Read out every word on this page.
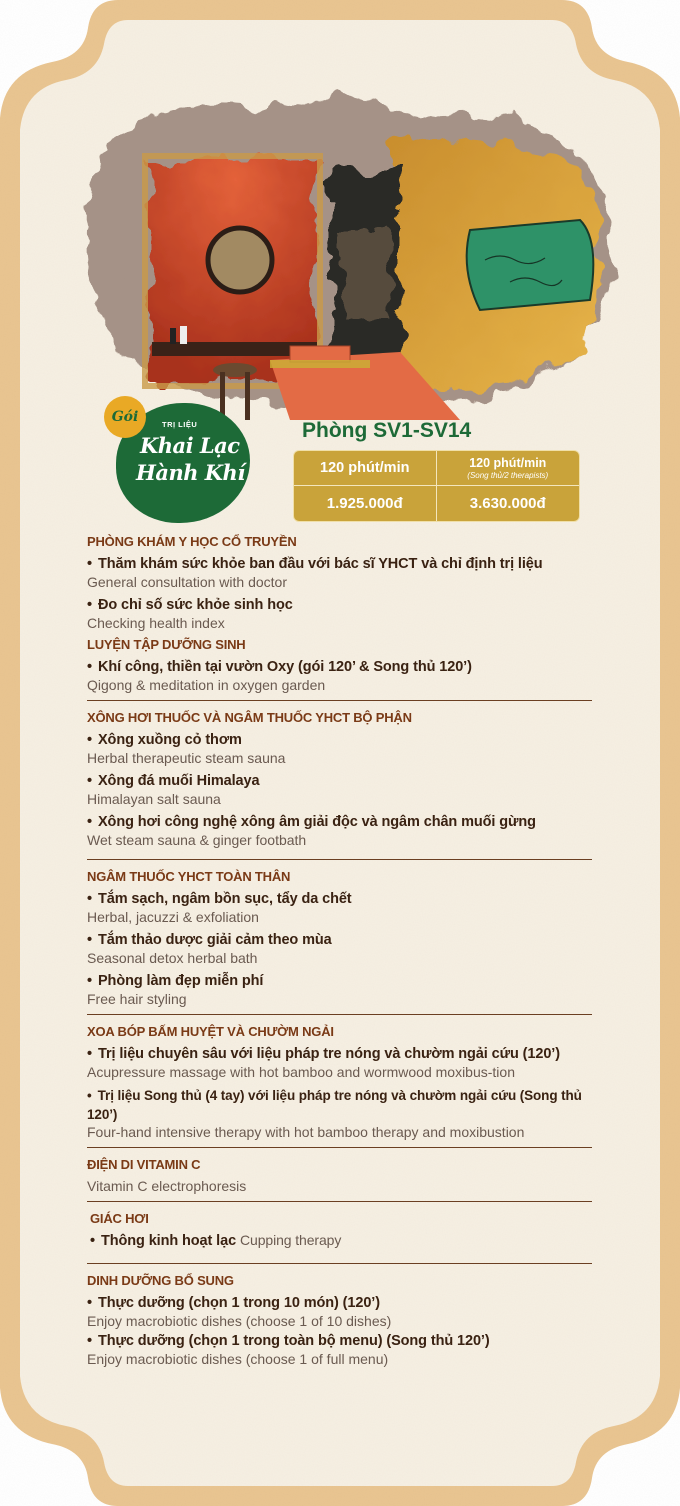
Gói	TRỊ LIỆU
Khai Lạc
Hành Khí
Phòng SV1-SV14
120 phút/min	120 phút/min
(Song thủ/2 therapists)
1.925.000đ	3.630.000đ
PHÒNG KHÁM Y HỌC CỔ TRUYỀN
• Thăm khám sức khỏe ban đầu với bác sĩ YHCT và chỉ định trị liệu
General consultation with doctor
• Đo chỉ số sức khỏe sinh học
Checking health index
LUYỆN TẬP DƯỠNG SINH
• Khí công, thiền tại vườn Oxy (gói 120’ & Song thủ 120’)
Qigong & meditation in oxygen garden
XÔNG HƠI THUỐC VÀ NGÂM THUỐC YHCT BỘ PHẬN
• Xông xuồng cỏ thơm
Herbal therapeutic steam sauna
• Xông đá muối Himalaya
Himalayan salt sauna
• Xông hơi công nghệ xông âm giải độc và ngâm chân muối gừng
Wet steam sauna & ginger footbath
NGÂM THUỐC YHCT TOÀN THÂN
• Tắm sạch, ngâm bồn sục, tẩy da chết
Herbal, jacuzzi & exfoliation
• Tắm thảo dược giải cảm theo mùa
Seasonal detox herbal bath
• Phòng làm đẹp miễn phí
Free hair styling
XOA BÓP BẤM HUYỆT VÀ CHƯỜM NGẢI
• Trị liệu chuyên sâu với liệu pháp tre nóng và chườm ngải cứu (120’)
Acupressure massage with hot bamboo and wormwood moxibus-tion
• Trị liệu Song thủ (4 tay) với liệu pháp tre nóng và chườm ngải cứu (Song thủ 120’)
Four-hand intensive therapy with hot bamboo therapy and moxibustion
ĐIỆN DI VITAMIN C
Vitamin C electrophoresis
GIÁC HƠI
• Thông kinh hoạt lạc Cupping therapy
DINH DƯỠNG BỔ SUNG
• Thực dưỡng (chọn 1 trong 10 món) (120’)
Enjoy macrobiotic dishes (choose 1 of 10 dishes)
• Thực dưỡng (chọn 1 trong toàn bộ menu) (Song thủ 120’)
Enjoy macrobiotic dishes (choose 1 of full menu)
